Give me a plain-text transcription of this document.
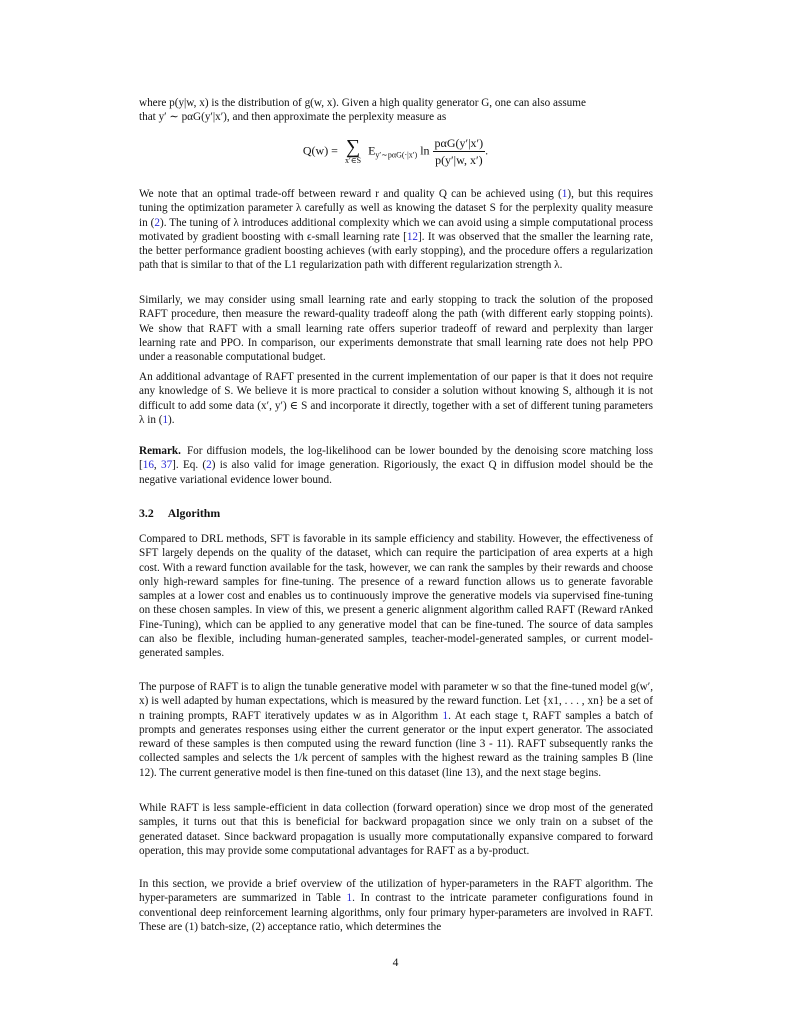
where p(y|w, x) is the distribution of g(w, x). Given a high quality generator G, one can also assume

that y′ ∼ pαG(y′|x′), and then approximate the perplexity measure as

Q(w) = ∑
x′∈S
$E_{y'\sim p\alpha G(\cdot|x')}$ $\ln \frac{\text{pαG(y′|x′)}}{p(y'|w, x')}$ .

We note that an optimal trade-off between reward r and quality Q can be achieved using (1), but this requires tuning the optimization parameter λ carefully as well as knowing the dataset S for the perplexity quality measure in (2). The tuning of λ introduces additional complexity which we can avoid using a simple computational process motivated by gradient boosting with ϵ-small learning rate [12]. It was observed that the smaller the learning rate, the better performance gradient boosting achieves (with early stopping), and the procedure offers a regularization path that is similar to that of the L1 regularization path with different regularization strength λ.

Similarly, we may consider using small learning rate and early stopping to track the solution of the proposed RAFT procedure, then measure the reward-quality tradeoff along the path (with different early stopping points). We show that RAFT with a small learning rate offers superior tradeoff of reward and perplexity than larger learning rate and PPO. In comparison, our experiments demonstrate that small learning rate does not help PPO under a reasonable computational budget.

An additional advantage of RAFT presented in the current implementation of our paper is that it does not require any knowledge of S. We believe it is more practical to consider a solution without knowing S, although it is not difficult to add some data (x′, y′) ∈ S and incorporate it directly, together with a set of different tuning parameters λ in (1).

Remark. For diffusion models, the log-likelihood can be lower bounded by the denoising score matching loss [16, 37]. Eq. (2) is also valid for image generation. Rigoriously, the exact Q in diffusion model should be the negative variational evidence lower bound.

3.2 Algorithm

Compared to DRL methods, SFT is favorable in its sample efficiency and stability. However, the effectiveness of SFT largely depends on the quality of the dataset, which can require the participation of area experts at a high cost. With a reward function available for the task, however, we can rank the samples by their rewards and choose only high-reward samples for fine-tuning. The presence of a reward function allows us to generate favorable samples at a lower cost and enables us to continuously improve the generative models via supervised fine-tuning on these chosen samples. In view of this, we present a generic alignment algorithm called RAFT (Reward rAnked Fine-Tuning), which can be applied to any generative model that can be fine-tuned. The source of data samples can also be flexible, including human-generated samples, teacher-model-generated samples, or current model-generated samples.

The purpose of RAFT is to align the tunable generative model with parameter w so that the fine-tuned model g(w′, x) is well adapted by human expectations, which is measured by the reward function. Let {x1, . . . , xn} be a set of n training prompts, RAFT iteratively updates w as in Algorithm 1. At each stage t, RAFT samples a batch of prompts and generates responses using either the current generator or the input expert generator. The associated reward of these samples is then computed using the reward function (line 3 - 11). RAFT subsequently ranks the collected samples and selects the 1/k percent of samples with the highest reward as the training samples B (line 12). The current generative model is then fine-tuned on this dataset (line 13), and the next stage begins.

While RAFT is less sample-efficient in data collection (forward operation) since we drop most of the generated samples, it turns out that this is beneficial for backward propagation since we only train on a subset of the generated dataset. Since backward propagation is usually more computationally expansive compared to forward operation, this may provide some computational advantages for RAFT as a by-product.

In this section, we provide a brief overview of the utilization of hyper-parameters in the RAFT algorithm. The hyper-parameters are summarized in Table 1. In contrast to the intricate parameter configurations found in conventional deep reinforcement learning algorithms, only four primary hyper-parameters are involved in RAFT. These are (1) batch-size, (2) acceptance ratio, which determines the

4
